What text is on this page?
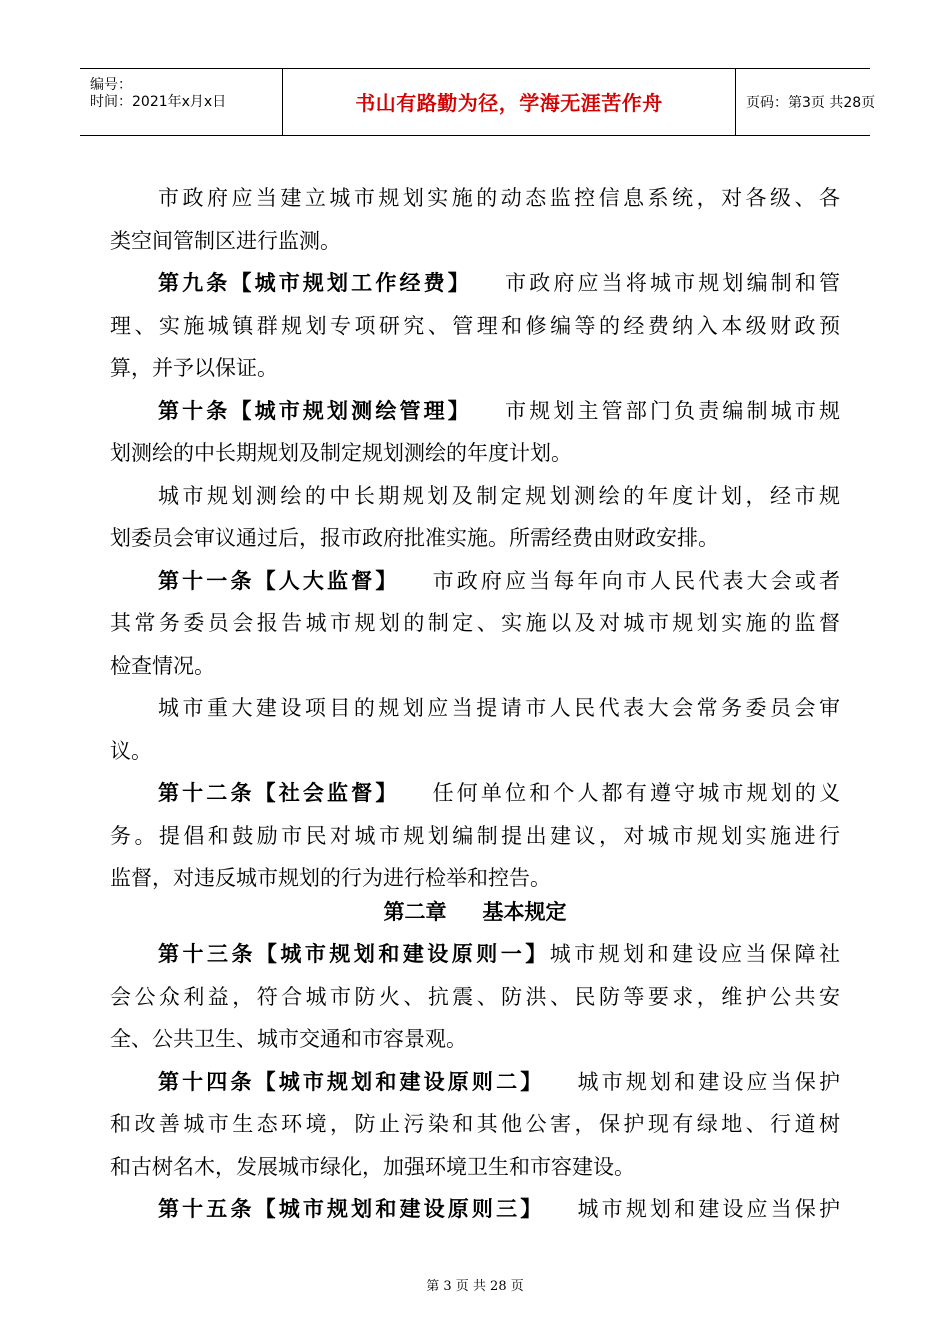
编号：
时间：2021年x月x日	书山有路勤为径，学海无涯苦作舟	页码：第3页 共28页
市政府应当建立城市规划实施的动态监控信息系统，对各级、各
类空间管制区进行监测。
第九条【城市规划工作经费】 市政府应当将城市规划编制和管
理、实施城镇群规划专项研究、管理和修编等的经费纳入本级财政预
算，并予以保证。
第十条【城市规划测绘管理】 市规划主管部门负责编制城市规
划测绘的中长期规划及制定规划测绘的年度计划。
城市规划测绘的中长期规划及制定规划测绘的年度计划，经市规
划委员会审议通过后，报市政府批准实施。所需经费由财政安排。
第十一条【人大监督】 市政府应当每年向市人民代表大会或者
其常务委员会报告城市规划的制定、实施以及对城市规划实施的监督
检查情况。
城市重大建设项目的规划应当提请市人民代表大会常务委员会审
议。
第十二条【社会监督】 任何单位和个人都有遵守城市规划的义
务。提倡和鼓励市民对城市规划编制提出建议，对城市规划实施进行
监督，对违反城市规划的行为进行检举和控告。
第二章 基本规定
第十三条【城市规划和建设原则一】城市规划和建设应当保障社
会公众利益，符合城市防火、抗震、防洪、民防等要求，维护公共安
全、公共卫生、城市交通和市容景观。
第十四条【城市规划和建设原则二】 城市规划和建设应当保护
和改善城市生态环境，防止污染和其他公害，保护现有绿地、行道树
和古树名木，发展城市绿化，加强环境卫生和市容建设。
第十五条【城市规划和建设原则三】 城市规划和建设应当保护
第 3 页 共 28 页
